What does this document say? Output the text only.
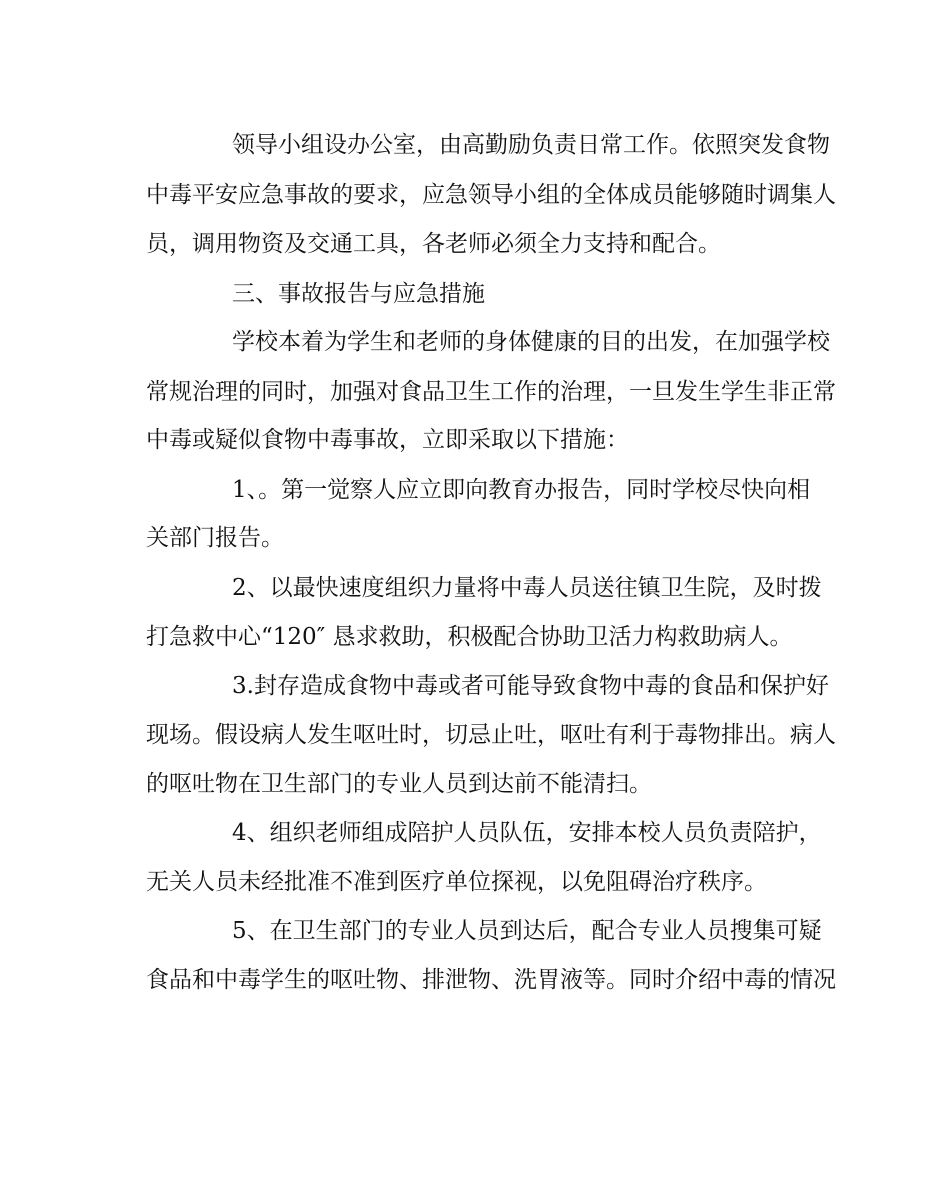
领导小组设办公室，由高勤励负责日常工作。依照突发食物

中毒平安应急事故的要求，应急领导小组的全体成员能够随时调集人

员，调用物资及交通工具，各老师必须全力支持和配合。

三、事故报告与应急措施

学校本着为学生和老师的身体健康的目的出发，在加强学校

常规治理的同时，加强对食品卫生工作的治理，一旦发生学生非正常

中毒或疑似食物中毒事故，立即采取以下措施：

1、。第一觉察人应立即向教育办报告，同时学校尽快向相

关部门报告。

2、以最快速度组织力量将中毒人员送往镇卫生院，及时拨

打急救中心“120″ 恳求救助，积极配合协助卫活力构救助病人。

3.封存造成食物中毒或者可能导致食物中毒的食品和保护好

现场。假设病人发生呕吐时，切忌止吐，呕吐有利于毒物排出。病人

的呕吐物在卫生部门的专业人员到达前不能清扫。

4、组织老师组成陪护人员队伍，安排本校人员负责陪护，

无关人员未经批准不准到医疗单位探视，以免阻碍治疗秩序。

5、在卫生部门的专业人员到达后，配合专业人员搜集可疑

食品和中毒学生的呕吐物、排泄物、洗胃液等。同时介绍中毒的情况
